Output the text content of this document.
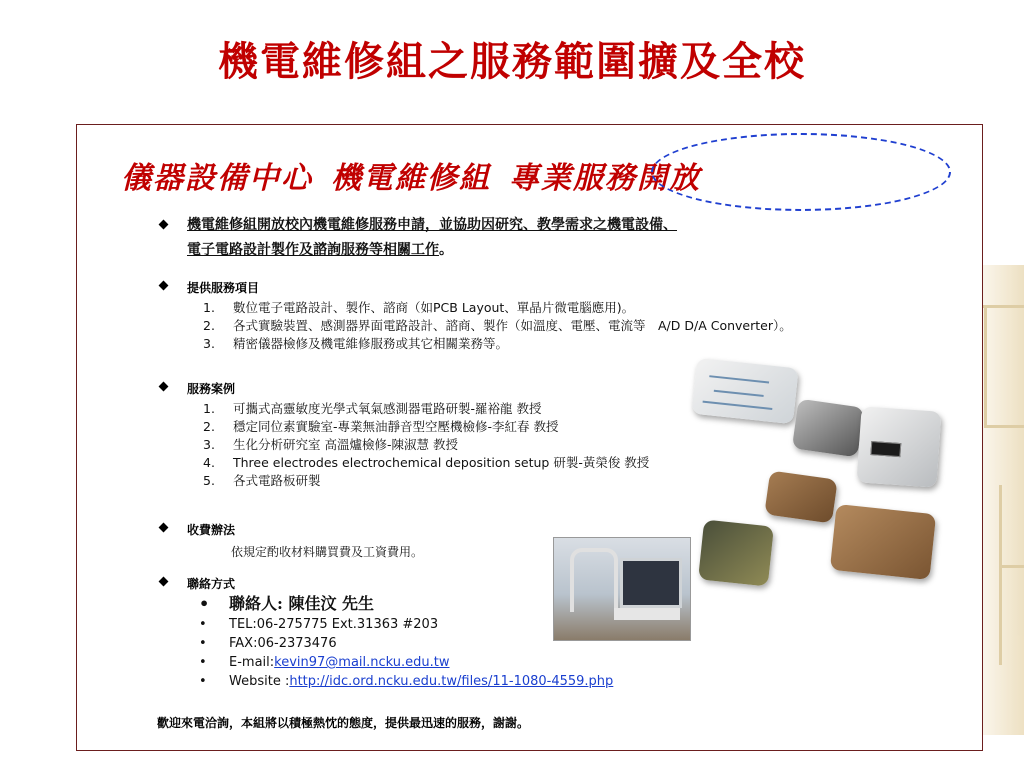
機電維修組之服務範圍擴及全校
儀器設備中心 機電維修組 專業服務開放

機電維修組開放校內機電維修服務申請，並協助因研究、教學需求之機電設備、
電子電路設計製作及諮詢服務等相關工作。

提供服務項目

1. 數位電子電路設計、製作、諮商（如PCB Layout、單晶片微電腦應用)。
2. 各式實驗裝置、感測器界面電路設計、諮商、製作（如溫度、電壓、電流等　A/D D/A Converter）。
3. 精密儀器檢修及機電維修服務或其它相關業務等。

服務案例

1. 可攜式高靈敏度光學式氧氣感測器電路研製-羅裕龍 教授
2. 穩定同位素實驗室-專業無油靜音型空壓機檢修-李紅春 教授
3. 生化分析研究室 高溫爐檢修-陳淑慧 教授
4. Three electrodes electrochemical deposition setup 研製-黃榮俊 教授
5. 各式電路板研製

收費辦法

依規定酌收材料購買費及工資費用。

聯絡方式

• 聯絡人: 陳佳汶 先生
• TEL:06-275775 Ext.31363 #203
• FAX:06-2373476
• E-mail:kevin97@mail.ncku.edu.tw
• Website :http://idc.ord.ncku.edu.tw/files/11-1080-4559.php

歡迎來電洽詢，本組將以積極熱忱的態度，提供最迅速的服務，謝謝。
